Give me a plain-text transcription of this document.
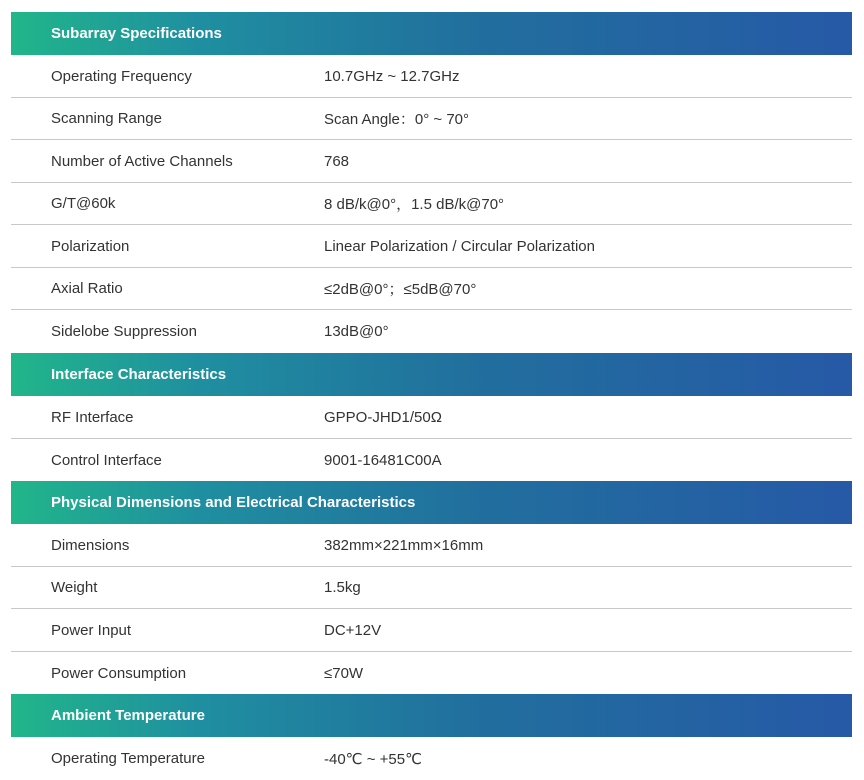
Subarray Specifications
Operating Frequency	10.7GHz ~ 12.7GHz
Scanning Range	Scan Angle：0° ~ 70°
Number of Active Channels	768
G/T@60k	8 dB/k@0°，1.5 dB/k@70°
Polarization	Linear Polarization / Circular Polarization
Axial Ratio	≤2dB@0°；≤5dB@70°
Sidelobe Suppression	13dB@0°
Interface Characteristics
RF Interface	GPPO-JHD1/50Ω
Control Interface	9001-16481C00A
Physical Dimensions and Electrical Characteristics
Dimensions	382mm×221mm×16mm
Weight	1.5kg
Power Input	DC+12V
Power Consumption	≤70W
Ambient Temperature
Operating Temperature	-40℃ ~ +55℃
